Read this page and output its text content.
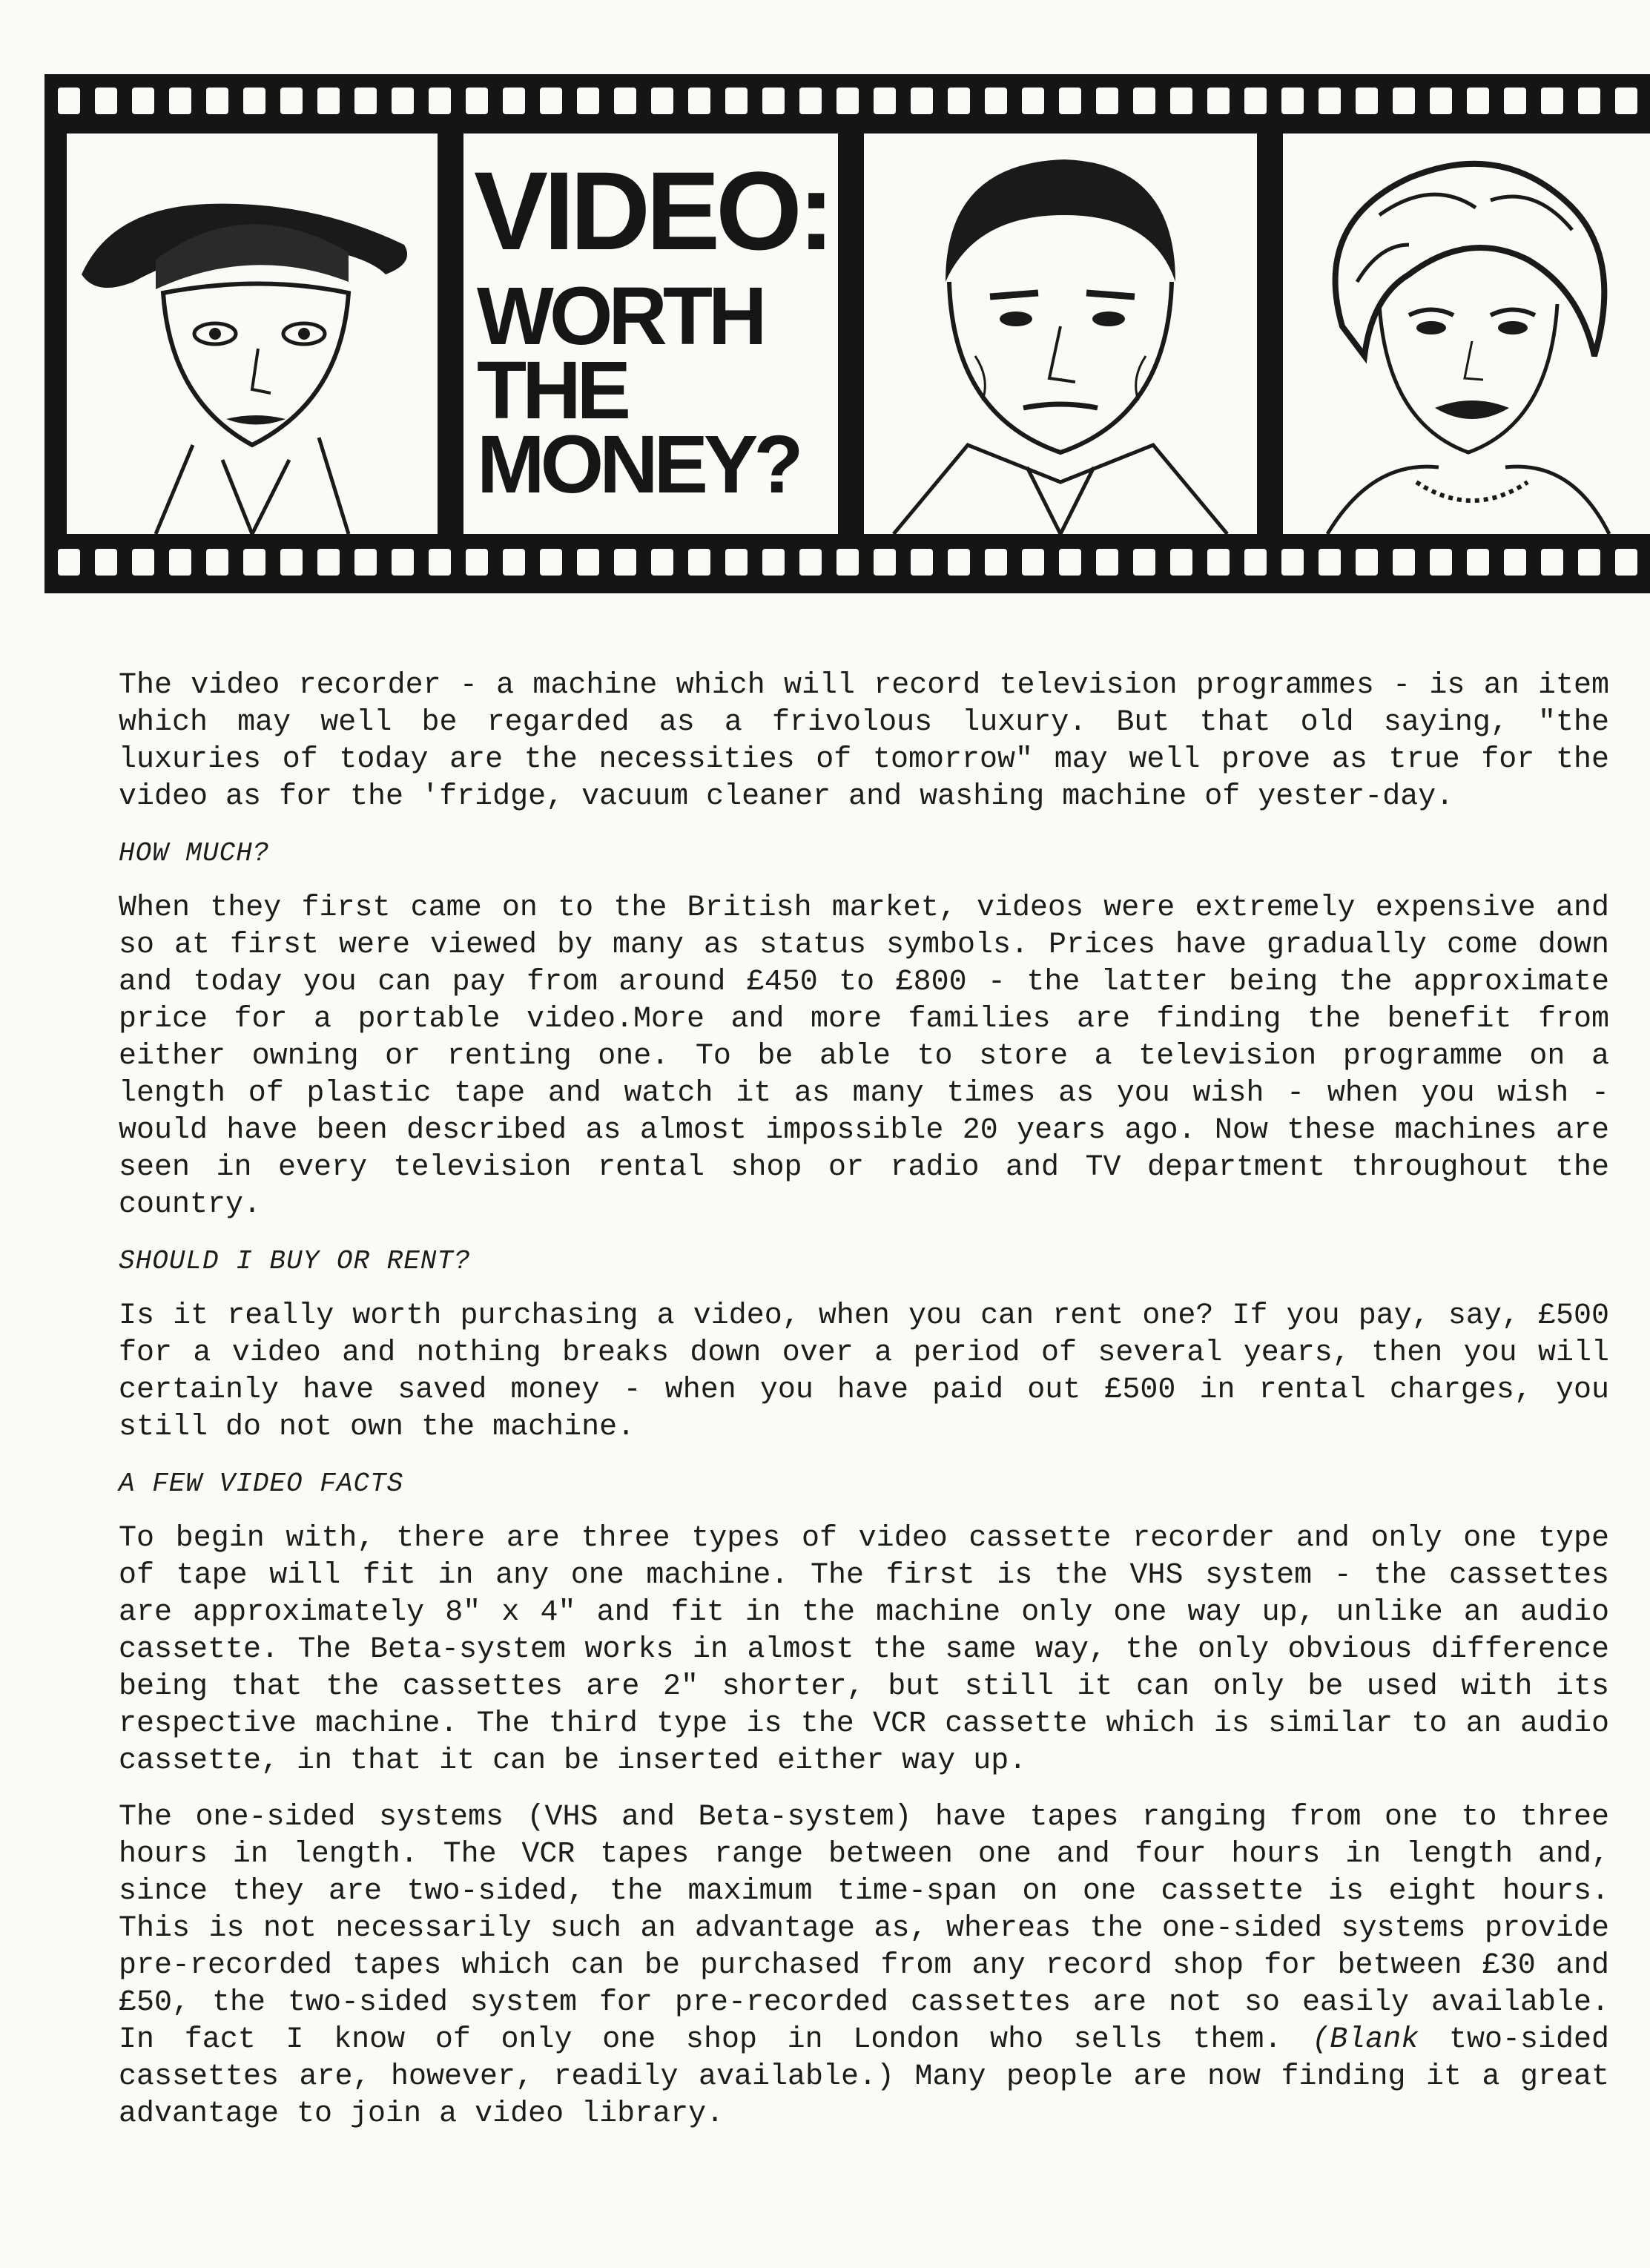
VIDEO:
WORTH
THE
MONEY?

The video recorder - a machine which will record television programmes - is an item which may well be regarded as a frivolous luxury. But that old saying, "the luxuries of today are the necessities of tomorrow" may well prove as true for the video as for the 'fridge, vacuum cleaner and washing machine of yester-day.

HOW MUCH?

When they first came on to the British market, videos were extremely expensive and so at first were viewed by many as status symbols. Prices have gradually come down and today you can pay from around £450 to £800 - the latter being the approximate price for a portable video.More and more families are finding the benefit from either owning or renting one. To be able to store a television programme on a length of plastic tape and watch it as many times as you wish - when you wish - would have been described as almost impossible 20 years ago. Now these machines are seen in every television rental shop or radio and TV department throughout the country.

SHOULD I BUY OR RENT?

Is it really worth purchasing a video, when you can rent one? If you pay, say, £500 for a video and nothing breaks down over a period of several years, then you will certainly have saved money - when you have paid out £500 in rental charges, you still do not own the machine.

A FEW VIDEO FACTS

To begin with, there are three types of video cassette recorder and only one type of tape will fit in any one machine. The first is the VHS system - the cassettes are approximately 8" x 4" and fit in the machine only one way up, unlike an audio cassette. The Beta-system works in almost the same way, the only obvious difference being that the cassettes are 2" shorter, but still it can only be used with its respective machine. The third type is the VCR cassette which is similar to an audio cassette, in that it can be inserted either way up.

The one-sided systems (VHS and Beta-system) have tapes ranging from one to three hours in length. The VCR tapes range between one and four hours in length and, since they are two-sided, the maximum time-span on one cassette is eight hours. This is not necessarily such an advantage as, whereas the one-sided systems provide pre-recorded tapes which can be purchased from any record shop for between £30 and £50, the two-sided system for pre-recorded cassettes are not so easily available. In fact I know of only one shop in London who sells them. (Blank two-sided cassettes are, however, readily available.) Many people are now finding it a great advantage to join a video library.
